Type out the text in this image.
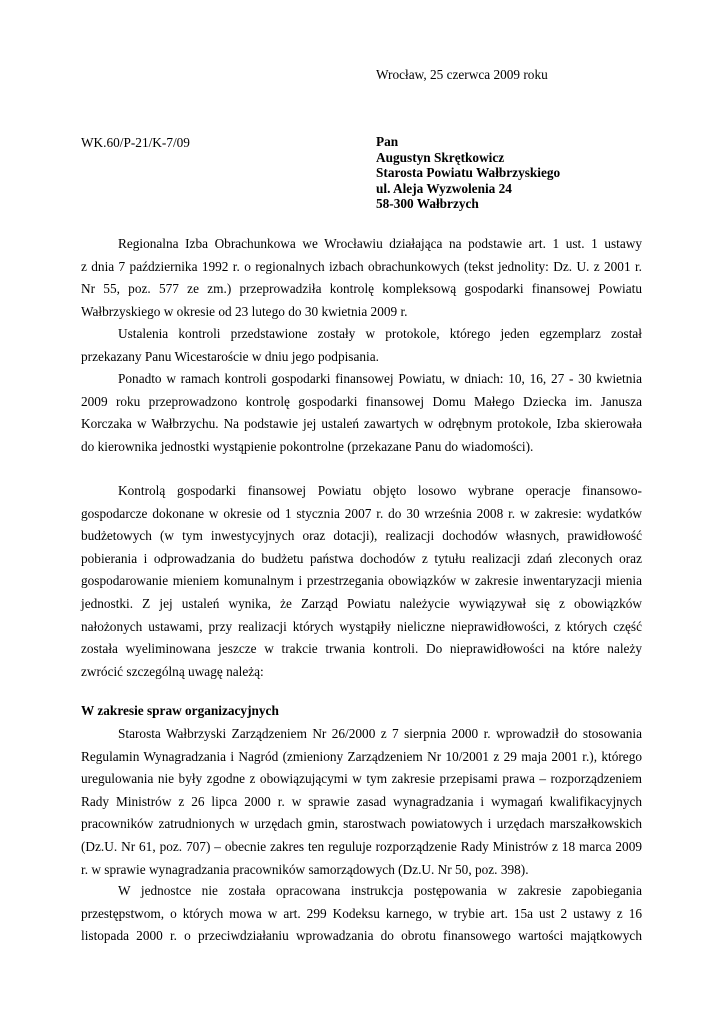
Wrocław, 25 czerwca 2009 roku
WK.60/P-21/K-7/09	Pan
Augustyn Skrętkowicz
Starosta Powiatu Wałbrzyskiego
ul. Aleja Wyzwolenia 24
58-300 Wałbrzych
Regionalna Izba Obrachunkowa we Wrocławiu działająca na podstawie art. 1 ust. 1 ustawy
z dnia 7 października 1992 r. o regionalnych izbach obrachunkowych (tekst jednolity: Dz. U. z 2001 r.
Nr 55, poz. 577 ze zm.) przeprowadziła kontrolę kompleksową gospodarki finansowej Powiatu
Wałbrzyskiego w okresie od 23 lutego do 30 kwietnia 2009 r.
Ustalenia kontroli przedstawione zostały w protokole, którego jeden egzemplarz został
przekazany Panu Wicestaroście w dniu jego podpisania.
Ponadto w ramach kontroli gospodarki finansowej Powiatu, w dniach: 10, 16, 27 - 30 kwietnia
2009 roku przeprowadzono kontrolę gospodarki finansowej Domu Małego Dziecka im. Janusza
Korczaka w Wałbrzychu. Na podstawie jej ustaleń zawartych w odrębnym protokole, Izba skierowała
do kierownika jednostki wystąpienie pokontrolne (przekazane Panu do wiadomości).
Kontrolą gospodarki finansowej Powiatu objęto losowo wybrane operacje finansowo-
gospodarcze dokonane w okresie od 1 stycznia 2007 r. do 30 września 2008 r. w zakresie: wydatków
budżetowych (w tym inwestycyjnych oraz dotacji), realizacji dochodów własnych, prawidłowość
pobierania i odprowadzania do budżetu państwa dochodów z tytułu realizacji zdań zleconych oraz
gospodarowanie mieniem komunalnym i przestrzegania obowiązków w zakresie inwentaryzacji mienia
jednostki. Z jej ustaleń wynika, że Zarząd Powiatu należycie wywiązywał się z obowiązków
nałożonych ustawami, przy realizacji których wystąpiły nieliczne nieprawidłowości, z których część
została wyeliminowana jeszcze w trakcie trwania kontroli. Do nieprawidłowości na które należy
zwrócić szczególną uwagę należą:
W zakresie spraw organizacyjnych
Starosta Wałbrzyski Zarządzeniem Nr 26/2000 z 7 sierpnia 2000 r. wprowadził do stosowania
Regulamin Wynagradzania i Nagród (zmieniony Zarządzeniem Nr 10/2001 z 29 maja 2001 r.), którego
uregulowania nie były zgodne z obowiązującymi w tym zakresie przepisami prawa – rozporządzeniem
Rady Ministrów z 26 lipca 2000 r. w sprawie zasad wynagradzania i wymagań kwalifikacyjnych
pracowników zatrudnionych w urzędach gmin, starostwach powiatowych i urzędach marszałkowskich
(Dz.U. Nr 61, poz. 707) – obecnie zakres ten reguluje rozporządzenie Rady Ministrów z 18 marca 2009
r. w sprawie wynagradzania pracowników samorządowych (Dz.U. Nr 50, poz. 398).
W jednostce nie została opracowana instrukcja postępowania w zakresie zapobiegania
przestępstwom, o których mowa w art. 299 Kodeksu karnego, w trybie art. 15a ust 2 ustawy z 16
listopada 2000 r. o przeciwdziałaniu wprowadzania do obrotu finansowego wartości majątkowych
